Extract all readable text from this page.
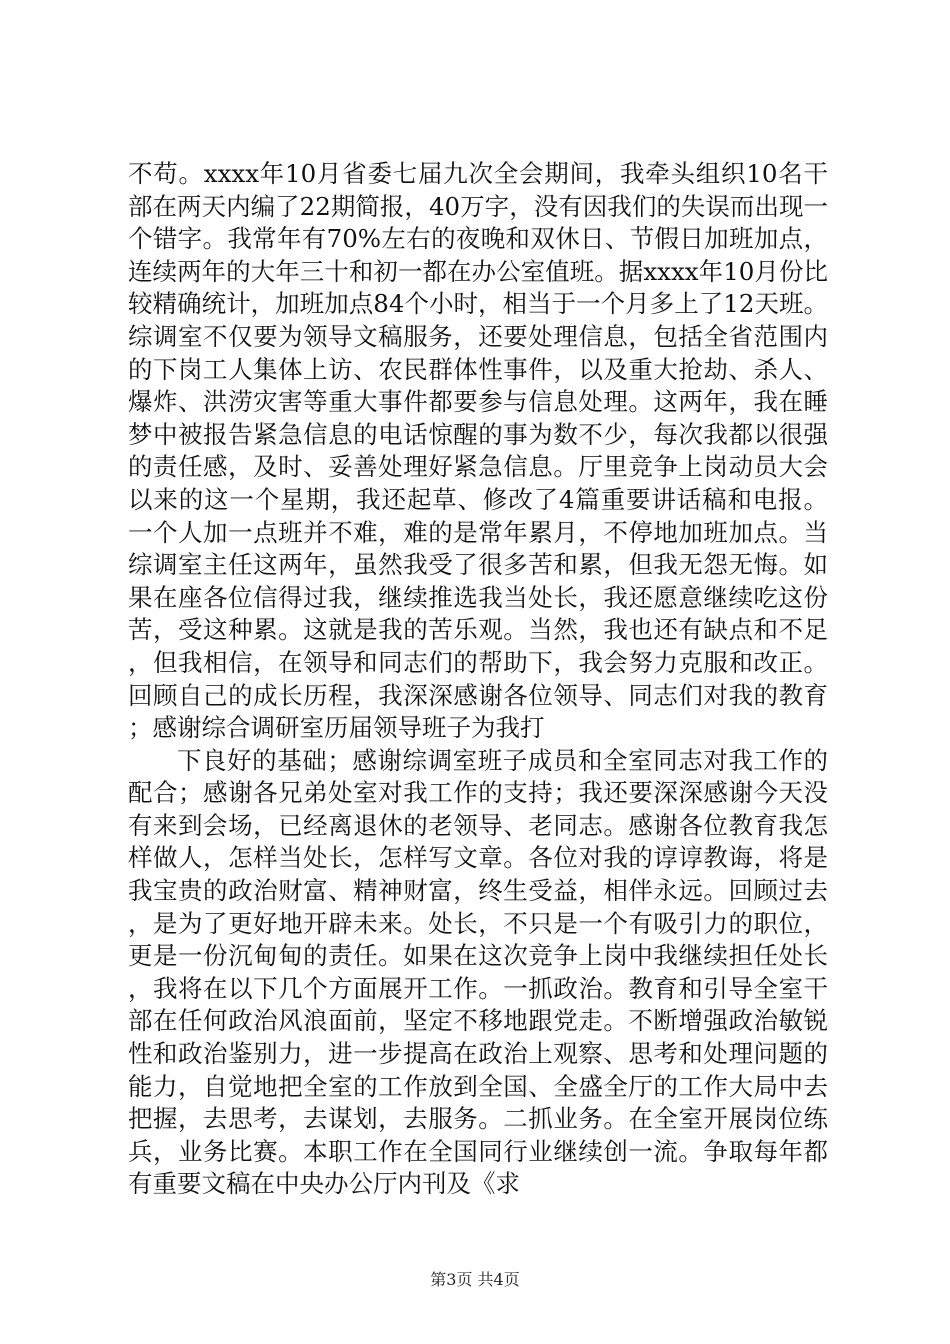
不苟。xxxx年10月省委七届九次全会期间，我牵头组织10名干部在两天内编了22期简报，40万字，没有因我们的失误而出现一个错字。我常年有70%左右的夜晚和双休日、节假日加班加点，连续两年的大年三十和初一都在办公室值班。据xxxx年10月份比较精确统计，加班加点84个小时，相当于一个月多上了12天班。综调室不仅要为领导文稿服务，还要处理信息，包括全省范围内的下岗工人集体上访、农民群体性事件，以及重大抢劫、杀人、爆炸、洪涝灾害等重大事件都要参与信息处理。这两年，我在睡梦中被报告紧急信息的电话惊醒的事为数不少，每次我都以很强的责任感，及时、妥善处理好紧急信息。厅里竞争上岗动员大会以来的这一个星期，我还起草、修改了4篇重要讲话稿和电报。一个人加一点班并不难，难的是常年累月，不停地加班加点。当综调室主任这两年，虽然我受了很多苦和累，但我无怨无悔。如果在座各位信得过我，继续推选我当处长，我还愿意继续吃这份苦，受这种累。这就是我的苦乐观。当然，我也还有缺点和不足，但我相信，在领导和同志们的帮助下，我会努力克服和改正。回顾自己的成长历程，我深深感谢各位领导、同志们对我的教育；感谢综合调研室历届领导班子为我打

下良好的基础；感谢综调室班子成员和全室同志对我工作的配合；感谢各兄弟处室对我工作的支持；我还要深深感谢今天没有来到会场，已经离退休的老领导、老同志。感谢各位教育我怎样做人，怎样当处长，怎样写文章。各位对我的谆谆教诲，将是我宝贵的政治财富、精神财富，终生受益，相伴永远。回顾过去，是为了更好地开辟未来。处长，不只是一个有吸引力的职位，更是一份沉甸甸的责任。如果在这次竞争上岗中我继续担任处长，我将在以下几个方面展开工作。一抓政治。教育和引导全室干部在任何政治风浪面前，坚定不移地跟党走。不断增强政治敏锐性和政治鉴别力，进一步提高在政治上观察、思考和处理问题的能力，自觉地把全室的工作放到全国、全盛全厅的工作大局中去把握，去思考，去谋划，去服务。二抓业务。在全室开展岗位练兵，业务比赛。本职工作在全国同行业继续创一流。争取每年都有重要文稿在中央办公厅内刊及《求

第3页 共4页
